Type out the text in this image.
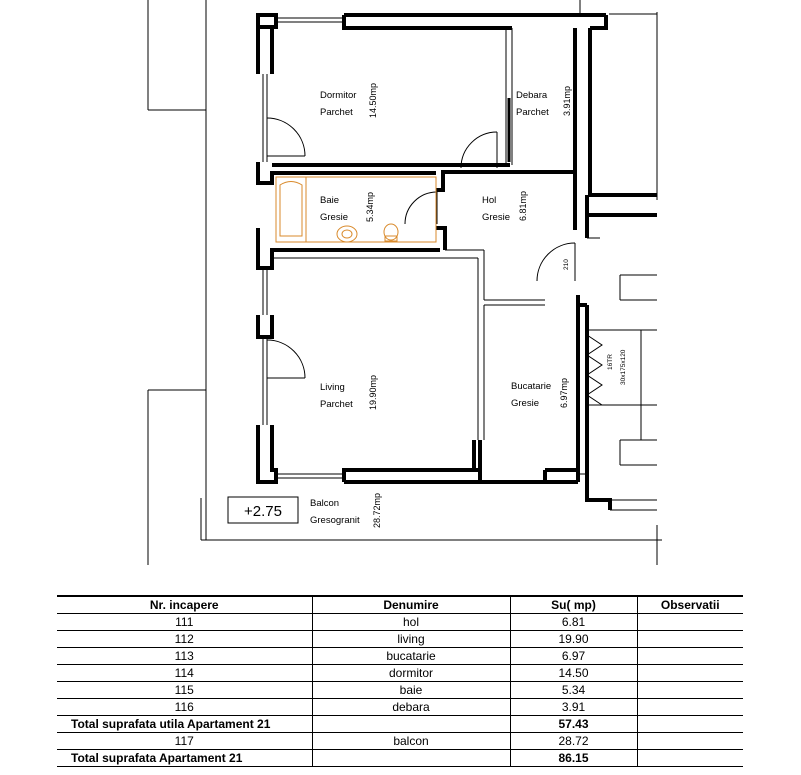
+2.75
Dormitor
Parchet 14.50mp	Debara
Parchet 3.91mp
Baie
Gresie 5.34mp	Hol
Gresie 6.81mp
Living
Parchet 19.90mp	Bucatarie
Gresie 6.97mp
Balcon
Gresogranit 28.72mp
210
16TR 30x175x120
Nr. incapere	Denumire	Su( mp)	Observatii
111	hol	6.81	
112	living	19.90	
113	bucatarie	6.97	
114	dormitor	14.50	
115	baie	5.34	
116	debara	3.91	
Total suprafata utila Apartament 21		57.43	
117	balcon	28.72	
Total suprafata Apartament 21		86.15	
